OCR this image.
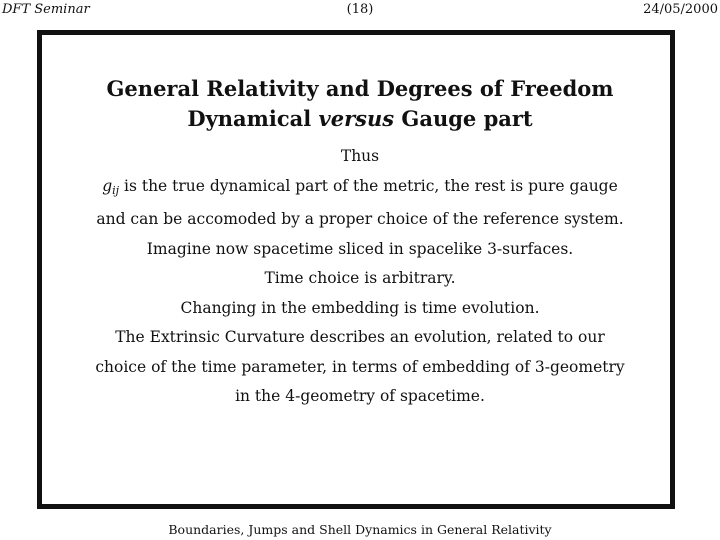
DFT Seminar	(18)	24/05/2000
General Relativity and Degrees of Freedom
Dynamical versus Gauge part
Thus
gij is the true dynamical part of the metric, the rest is pure gauge
and can be accomoded by a proper choice of the reference system.
Imagine now spacetime sliced in spacelike 3-surfaces.
Time choice is arbitrary.
Changing in the embedding is time evolution.
The Extrinsic Curvature describes an evolution, related to our
choice of the time parameter, in terms of embedding of 3-geometry
in the 4-geometry of spacetime.
Boundaries, Jumps and Shell Dynamics in General Relativity
